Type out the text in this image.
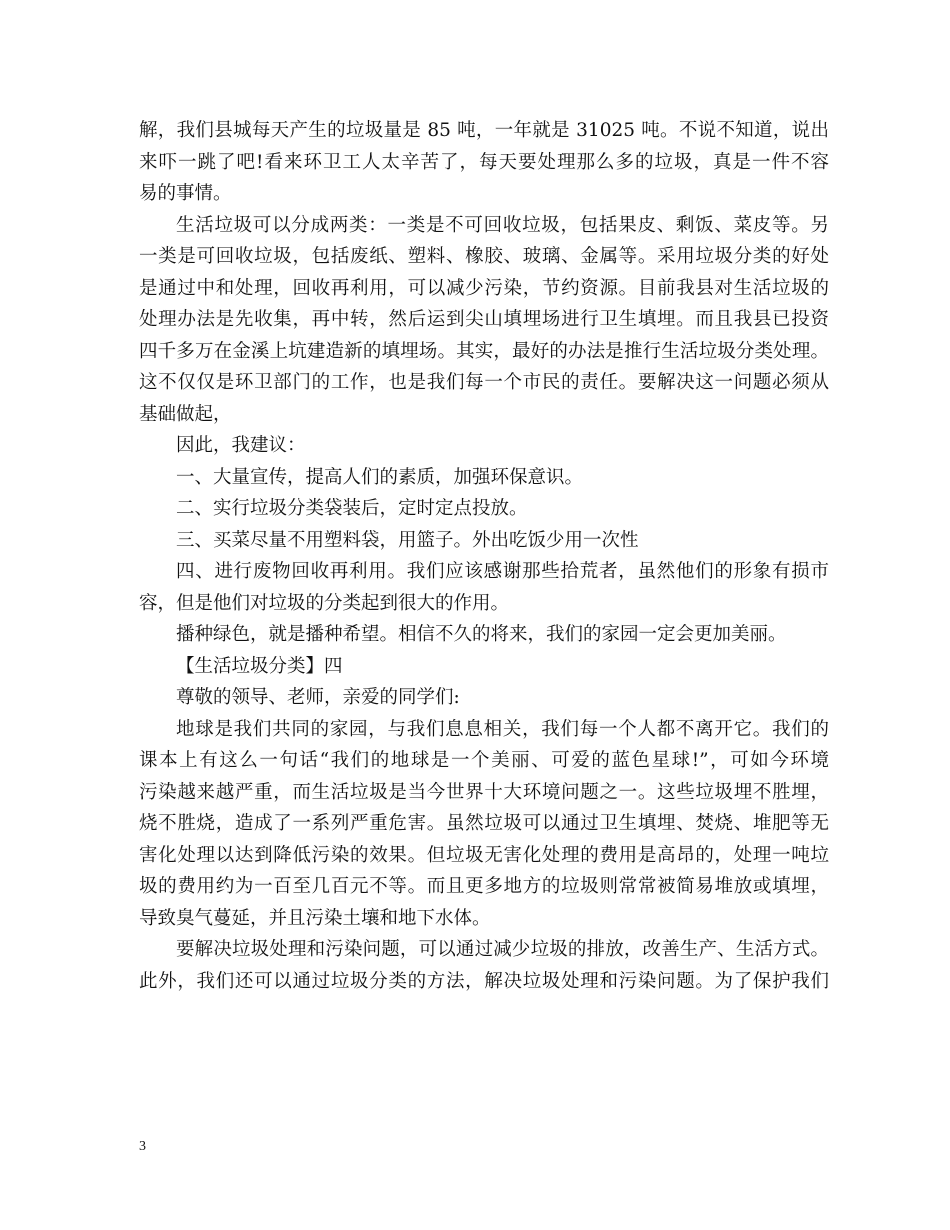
解，我们县城每天产生的垃圾量是 85 吨，一年就是 31025 吨。不说不知道，说出
来吓一跳了吧!看来环卫工人太辛苦了，每天要处理那么多的垃圾，真是一件不容
易的事情。
生活垃圾可以分成两类：一类是不可回收垃圾，包括果皮、剩饭、菜皮等。另
一类是可回收垃圾，包括废纸、塑料、橡胶、玻璃、金属等。采用垃圾分类的好处
是通过中和处理，回收再利用，可以减少污染，节约资源。目前我县对生活垃圾的
处理办法是先收集，再中转，然后运到尖山填埋场进行卫生填埋。而且我县已投资
四千多万在金溪上坑建造新的填埋场。其实，最好的办法是推行生活垃圾分类处理。
这不仅仅是环卫部门的工作，也是我们每一个市民的责任。要解决这一问题必须从
基础做起，
因此，我建议：
一、大量宣传，提高人们的素质，加强环保意识。
二、实行垃圾分类袋装后，定时定点投放。
三、买菜尽量不用塑料袋，用篮子。外出吃饭少用一次性
四、进行废物回收再利用。我们应该感谢那些拾荒者，虽然他们的形象有损市
容，但是他们对垃圾的分类起到很大的作用。
播种绿色，就是播种希望。相信不久的将来，我们的家园一定会更加美丽。
【生活垃圾分类】四
尊敬的领导、老师，亲爱的同学们:
地球是我们共同的家园，与我们息息相关，我们每一个人都不离开它。我们的
课本上有这么一句话“我们的地球是一个美丽、可爱的蓝色星球!”，可如今环境
污染越来越严重，而生活垃圾是当今世界十大环境问题之一。这些垃圾埋不胜埋，
烧不胜烧，造成了一系列严重危害。虽然垃圾可以通过卫生填埋、焚烧、堆肥等无
害化处理以达到降低污染的效果。但垃圾无害化处理的费用是高昂的，处理一吨垃
圾的费用约为一百至几百元不等。而且更多地方的垃圾则常常被简易堆放或填埋，
导致臭气蔓延，并且污染土壤和地下水体。
要解决垃圾处理和污染问题，可以通过减少垃圾的排放，改善生产、生活方式。
此外，我们还可以通过垃圾分类的方法，解决垃圾处理和污染问题。为了保护我们
3
